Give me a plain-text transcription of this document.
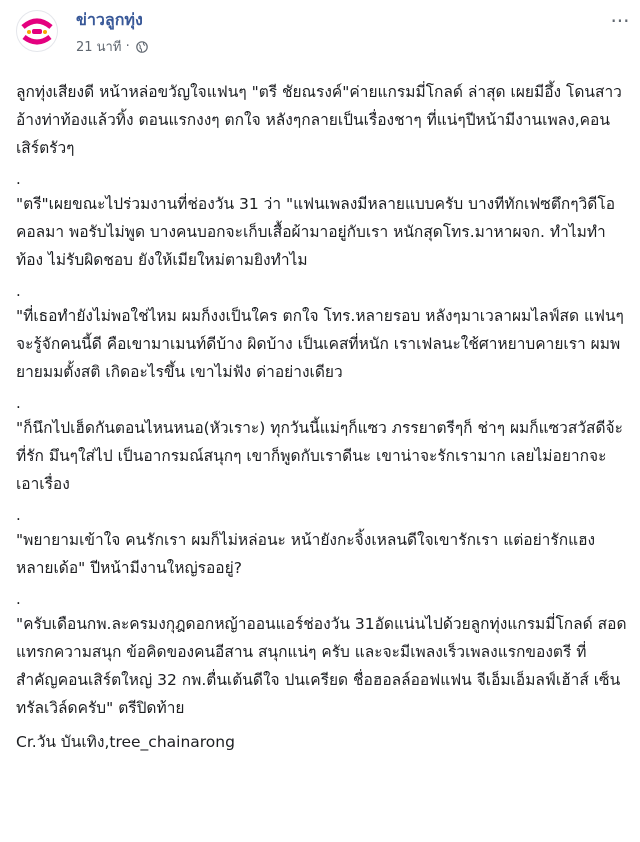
ข่าวลูกทุ่ง
21 นาที ·
···

ลูกทุ่งเสียงดี หน้าหล่อขวัญใจแฟนๆ "ตรี ชัยณรงค์"ค่ายแกรมมี่โกลด์ ล่าสุด เผยมีอึ้ง โดนสาวอ้างท่าท้องแล้วทิ้ง ตอนแรกงงๆ ตกใจ หลังๆกลายเป็นเรื่องชาๆ ที่แน่ๆปีหน้ามีงานเพลง,คอนเสิร์ตรัวๆ

.

"ตรี"เผยขณะไปร่วมงานที่ช่องวัน 31 ว่า "แฟนเพลงมีหลายแบบครับ บางทีทักเฟซตึกๆวิดีโอคอลมา พอรับไม่พูด บางคนบอกจะเก็บเสื้อผ้ามาอยู่กับเรา หนักสุดโทร.มาหาผจก. ทำไมทำท้อง ไม่รับผิดชอบ ยังให้เมียใหม่ตามยิงทำไม

.

"ที่เธอทำยังไม่พอใช่ไหม ผมก็งงเป็นใคร ตกใจ โทร.หลายรอบ หลังๆมาเวลาผมไลฟ์สด แฟนๆจะรู้จักคนนี้ดี คือเขามาเมนท์ดีบ้าง ผิดบ้าง เป็นเคสที่หนัก เราเฟลนะใช้ศาหยาบคายเรา ผมพยายมมตั้งสติ เกิดอะไรขึ้น เขาไม่ฟัง ด่าอย่างเดียว

.

"ก็นึกไปเฮ็ดกันตอนไหนหนอ(หัวเราะ) ทุกวันนี้แม่ๆก็แซว ภรรยาตรีๆก็ ช่าๆ ผมก็แซวสวัสดีจ้ะที่รัก มึนๆใส่ไป เป็นอากรมณ์สนุกๆ เขาก็พูดกับเราดีนะ เขาน่าจะรักเรามาก เลยไม่อยากจะเอาเรื่อง

.

"พยายามเข้าใจ คนรักเรา ผมก็ไม่หล่อนะ หน้ายังกะจิ้งเหลนดีใจเขารักเรา แต่อย่ารักแฮงหลายเด้อ" ปีหน้ามีงานใหญ่รออยู่?

.

"ครับเดือนกพ.ละครมงกุฎดอกหญ้าออนแอร์ช่องวัน 31อัดแน่นไปด้วยลูกทุ่งแกรมมี่โกลด์ สอดแทรกความสนุก ข้อคิดของคนอีสาน สนุกแน่ๆ ครับ และจะมีเพลงเร็วเพลงแรกของตรี ที่สำคัญคอนเสิร์ตใหญ่ 32 กพ.ตื่นเต้นดีใจ ปนเครียด ชื่อฮอลล์ออฟแฟน จีเอ็มเอ็มลฟ์เฮ้าส์ เซ็นทรัลเวิล์ดครับ" ตรีปิดท้าย

Cr.วัน บันเทิง,tree_chainarong
